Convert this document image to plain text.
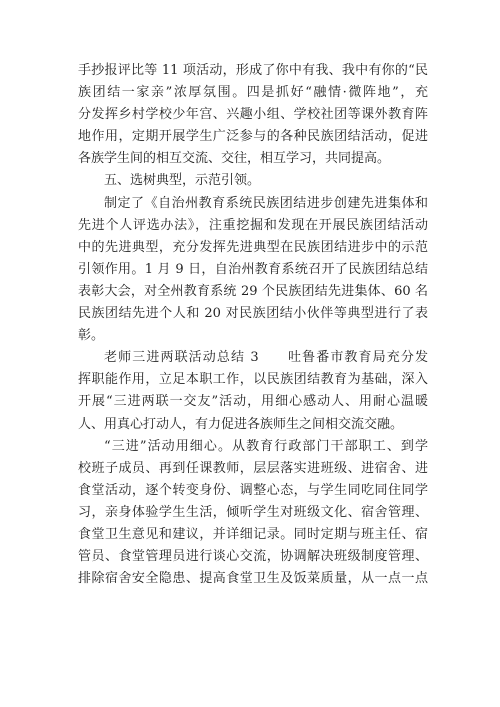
手抄报评比等 11 项活动，形成了你中有我、我中有你的“民
族团结一家亲”浓厚氛围。四是抓好“融情·微阵地”，充
分发挥乡村学校少年宫、兴趣小组、学校社团等课外教育阵
地作用，定期开展学生广泛参与的各种民族团结活动，促进
各族学生间的相互交流、交往，相互学习，共同提高。
五、选树典型，示范引领。
制定了《自治州教育系统民族团结进步创建先进集体和
先进个人评选办法》，注重挖掘和发现在开展民族团结活动
中的先进典型，充分发挥先进典型在民族团结进步中的示范
引领作用。1 月 9 日，自治州教育系统召开了民族团结总结
表彰大会，对全州教育系统 29 个民族团结先进集体、60 名
民族团结先进个人和 20 对民族团结小伙伴等典型进行了表
彰。
老师三进两联活动总结 3　　吐鲁番市教育局充分发
挥职能作用，立足本职工作，以民族团结教育为基础，深入
开展“三进两联一交友”活动，用细心感动人、用耐心温暖
人、用真心打动人，有力促进各族师生之间相交流交融。
“三进”活动用细心。从教育行政部门干部职工、到学
校班子成员、再到任课教师，层层落实进班级、进宿舍、进
食堂活动，逐个转变身份、调整心态，与学生同吃同住同学
习，亲身体验学生生活，倾听学生对班级文化、宿舍管理、
食堂卫生意见和建议，并详细记录。同时定期与班主任、宿
管员、食堂管理员进行谈心交流，协调解决班级制度管理、
排除宿舍安全隐患、提高食堂卫生及饭菜质量，从一点一点
